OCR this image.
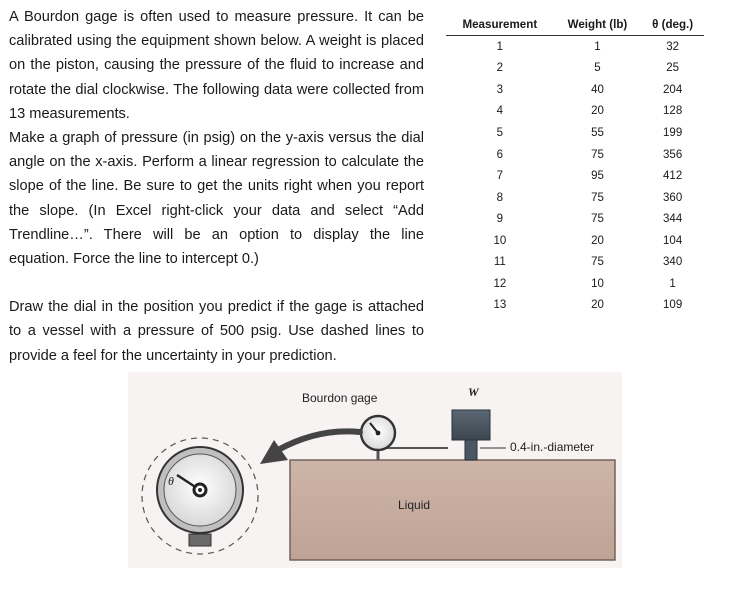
A Bourdon gage is often used to measure pressure. It can be calibrated using the equipment shown below. A weight is placed on the piston, causing the pressure of the fluid to increase and rotate the dial clockwise. The following data were collected from 13 measurements.

Make a graph of pressure (in psig) on the y-axis versus the dial angle on the x-axis. Perform a linear regression to calculate the slope of the line. Be sure to get the units right when you report the slope. (In Excel right-click your data and select “Add Trendline…”. There will be an option to display the line equation. Force the line to intercept 0.)

Draw the dial in the position you predict if the gage is attached to a vessel with a pressure of 500 psig. Use dashed lines to provide a feel for the uncertainty in your prediction.

Measurement	Weight (lb)	θ (deg.)
1	1	32
2	5	25
3	40	204
4	20	128
5	55	199
6	75	356
7	95	412
8	75	360
9	75	344
10	20	104
11	75	340
12	10	1
13	20	109
Bourdon gage	W
0.4-in.-diameter
Liquid
θ
